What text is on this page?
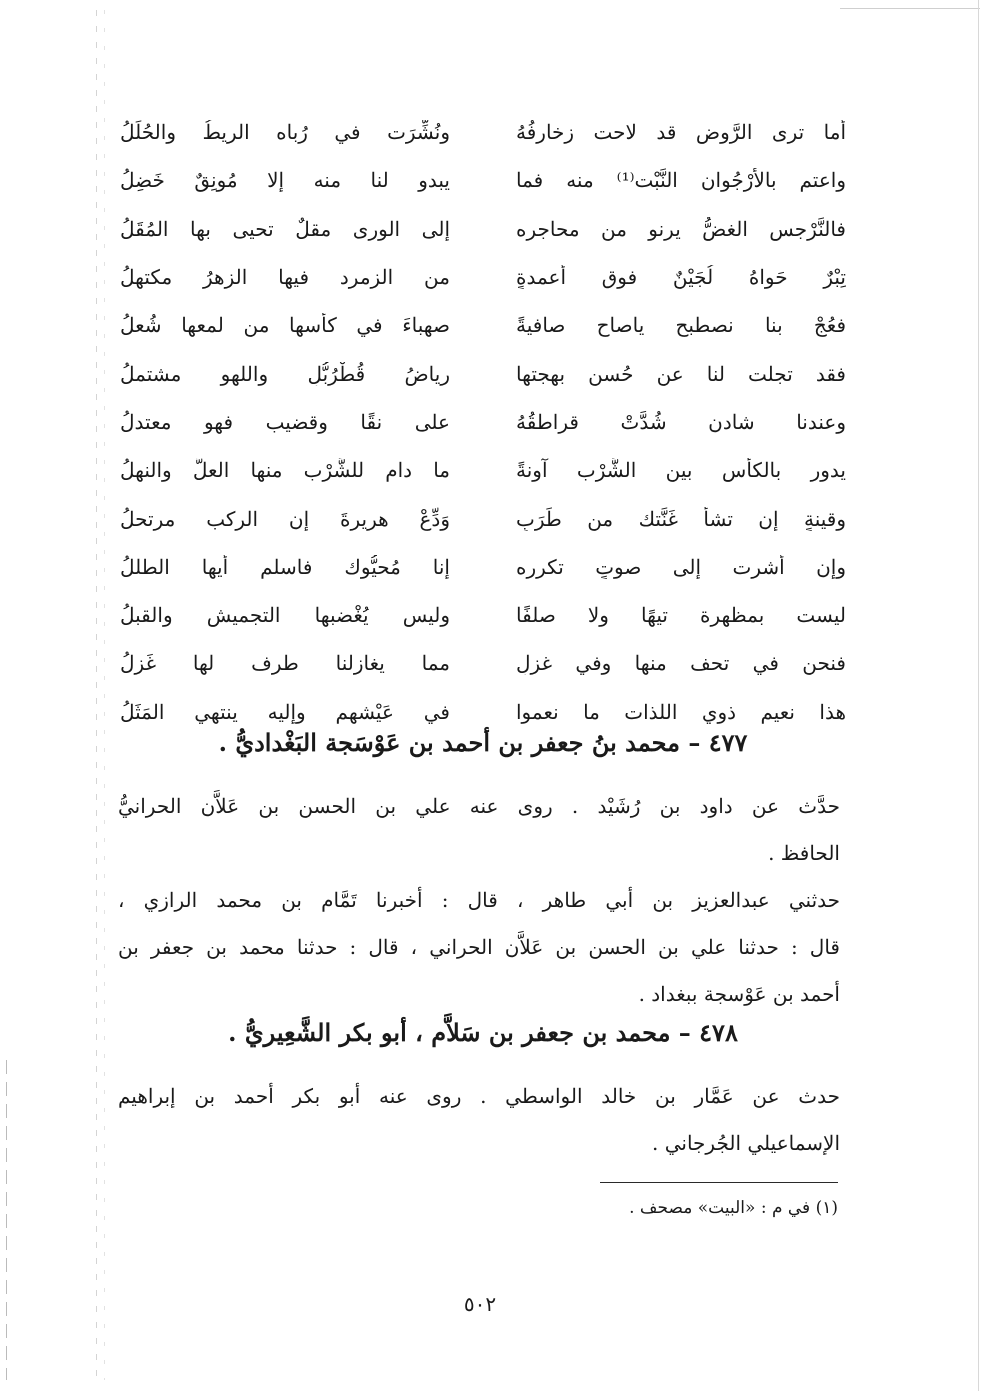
أما ترى الرَّوض قد لاحت زخارِفُهُ
ونُشِّرَت في رُباه الريطُ والحُلَلُ
واعتم بالأرْجُوان النَّبْت⁽¹⁾ منه فما
يبدو لنا منه إلا مُونِقٌ خَضِلُ
فالنَّرْجس الغضُّ يرنو من محاجره
إلى الورى مقلٌ تحيى بها المُقَلُ
تِبْرٌ حَواهُ لُجَيْنٌ فوق أعمدةٍ
من الزمرد فيها الزهرُ مكتهلُ
فعُجْ بنا نصطبح ياصاحِ صافيةً
صهباءَ في كأسها من لمعها شُعلُ
فقد تجلت لنا عن حُسنِ بهجتها
رياضُ قُطْرُبُّلٍ واللهو مشتملُ
وعندنا شادن شُدَّتْ قراطقُهُ
على نقًا وقضيب فهو معتدلُ
يدور بالكأس بين الشَّرْب آونةً
ما دام للشَّرْب منها العلُّ والنهلُ
وقينةٍ إن تشأ غَنَّتك من طَرَبٍ
وَدِّعْ هريرةَ إن الركب مرتحلُ
وإن أشرت إلى صوتٍ تكرره
إنا مُحيُّوك فاسلم أيها الطللُ
ليست بمظهرة تيهًا ولا صلفًا
وليس يُغْضبها التجميش والقبلُ
فنحن في تحف منها وفي غزلٍ
مما يغازلنا طرف لها غَزِلُ
هذا نعيم ذوي اللذات ما نعموا
في عَيْشهم وإليه ينتهي المَثَلُ
٤٧٧ – محمد بنُ جعفر بن أحمد بن عَوْسَجة البَغْداديُّ .
حدَّث عن داود بن رُشَيْد . روى عنه علي بن الحسن بن عَلاَّن الحرانيُّ
الحافظ .
حدثني عبدالعزيز بن أبي طاهر ، قال : أخبرنا تَمَّام بن محمد الرازي ،
قال : حدثنا علي بن الحسن بن عَلاَّن الحراني ، قال : حدثنا محمد بن جعفر بن
أحمد بن عَوْسجة ببغداد .
٤٧٨ – محمد بن جعفر بن سَلاَّم ، أبو بكر الشَّعِيريُّ .
حدث عن عَمَّار بن خالد الواسطي . روى عنه أبو بكر أحمد بن إبراهيم
الإسماعيلي الجُرجاني .
(١) في م : «البيت» مصحف .
٥٠٢
